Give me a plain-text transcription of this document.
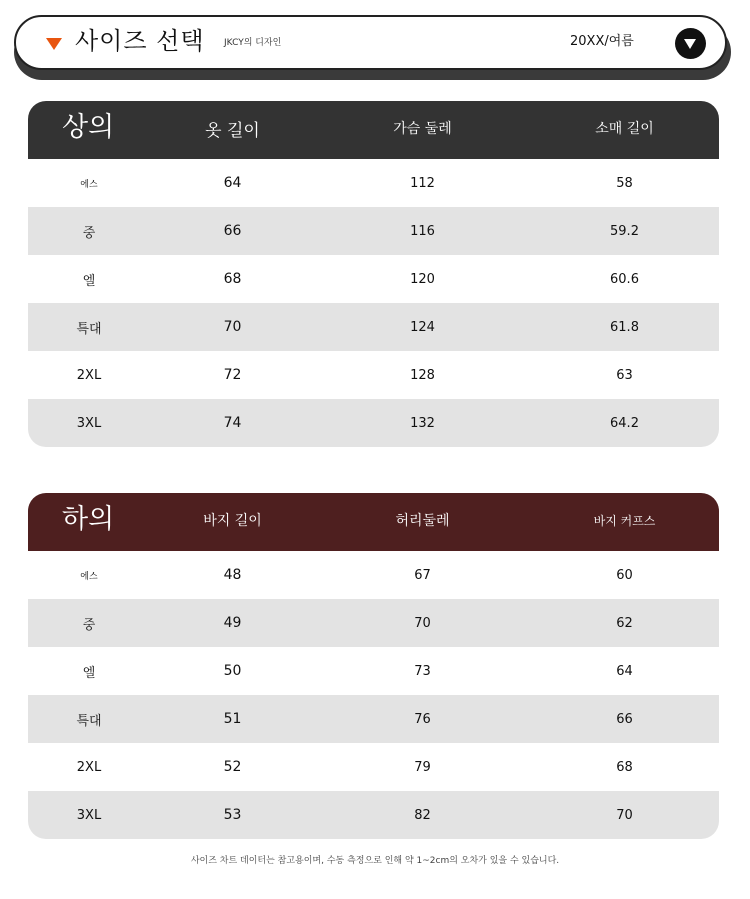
사이즈 선택 JKCY의 디자인	20XX/여름
상의	옷 길이	가슴 둘레	소매 길이
에스	64	112	58
중	66	116	59.2
엘	68	120	60.6
특대	70	124	61.8
2XL	72	128	63
3XL	74	132	64.2
하의	바지 길이	허리둘레	바지 커프스
에스	48	67	60
중	49	70	62
엘	50	73	64
특대	51	76	66
2XL	52	79	68
3XL	53	82	70
사이즈 차트 데이터는 참고용이며, 수동 측정으로 인해 약 1~2cm의 오차가 있을 수 있습니다.
